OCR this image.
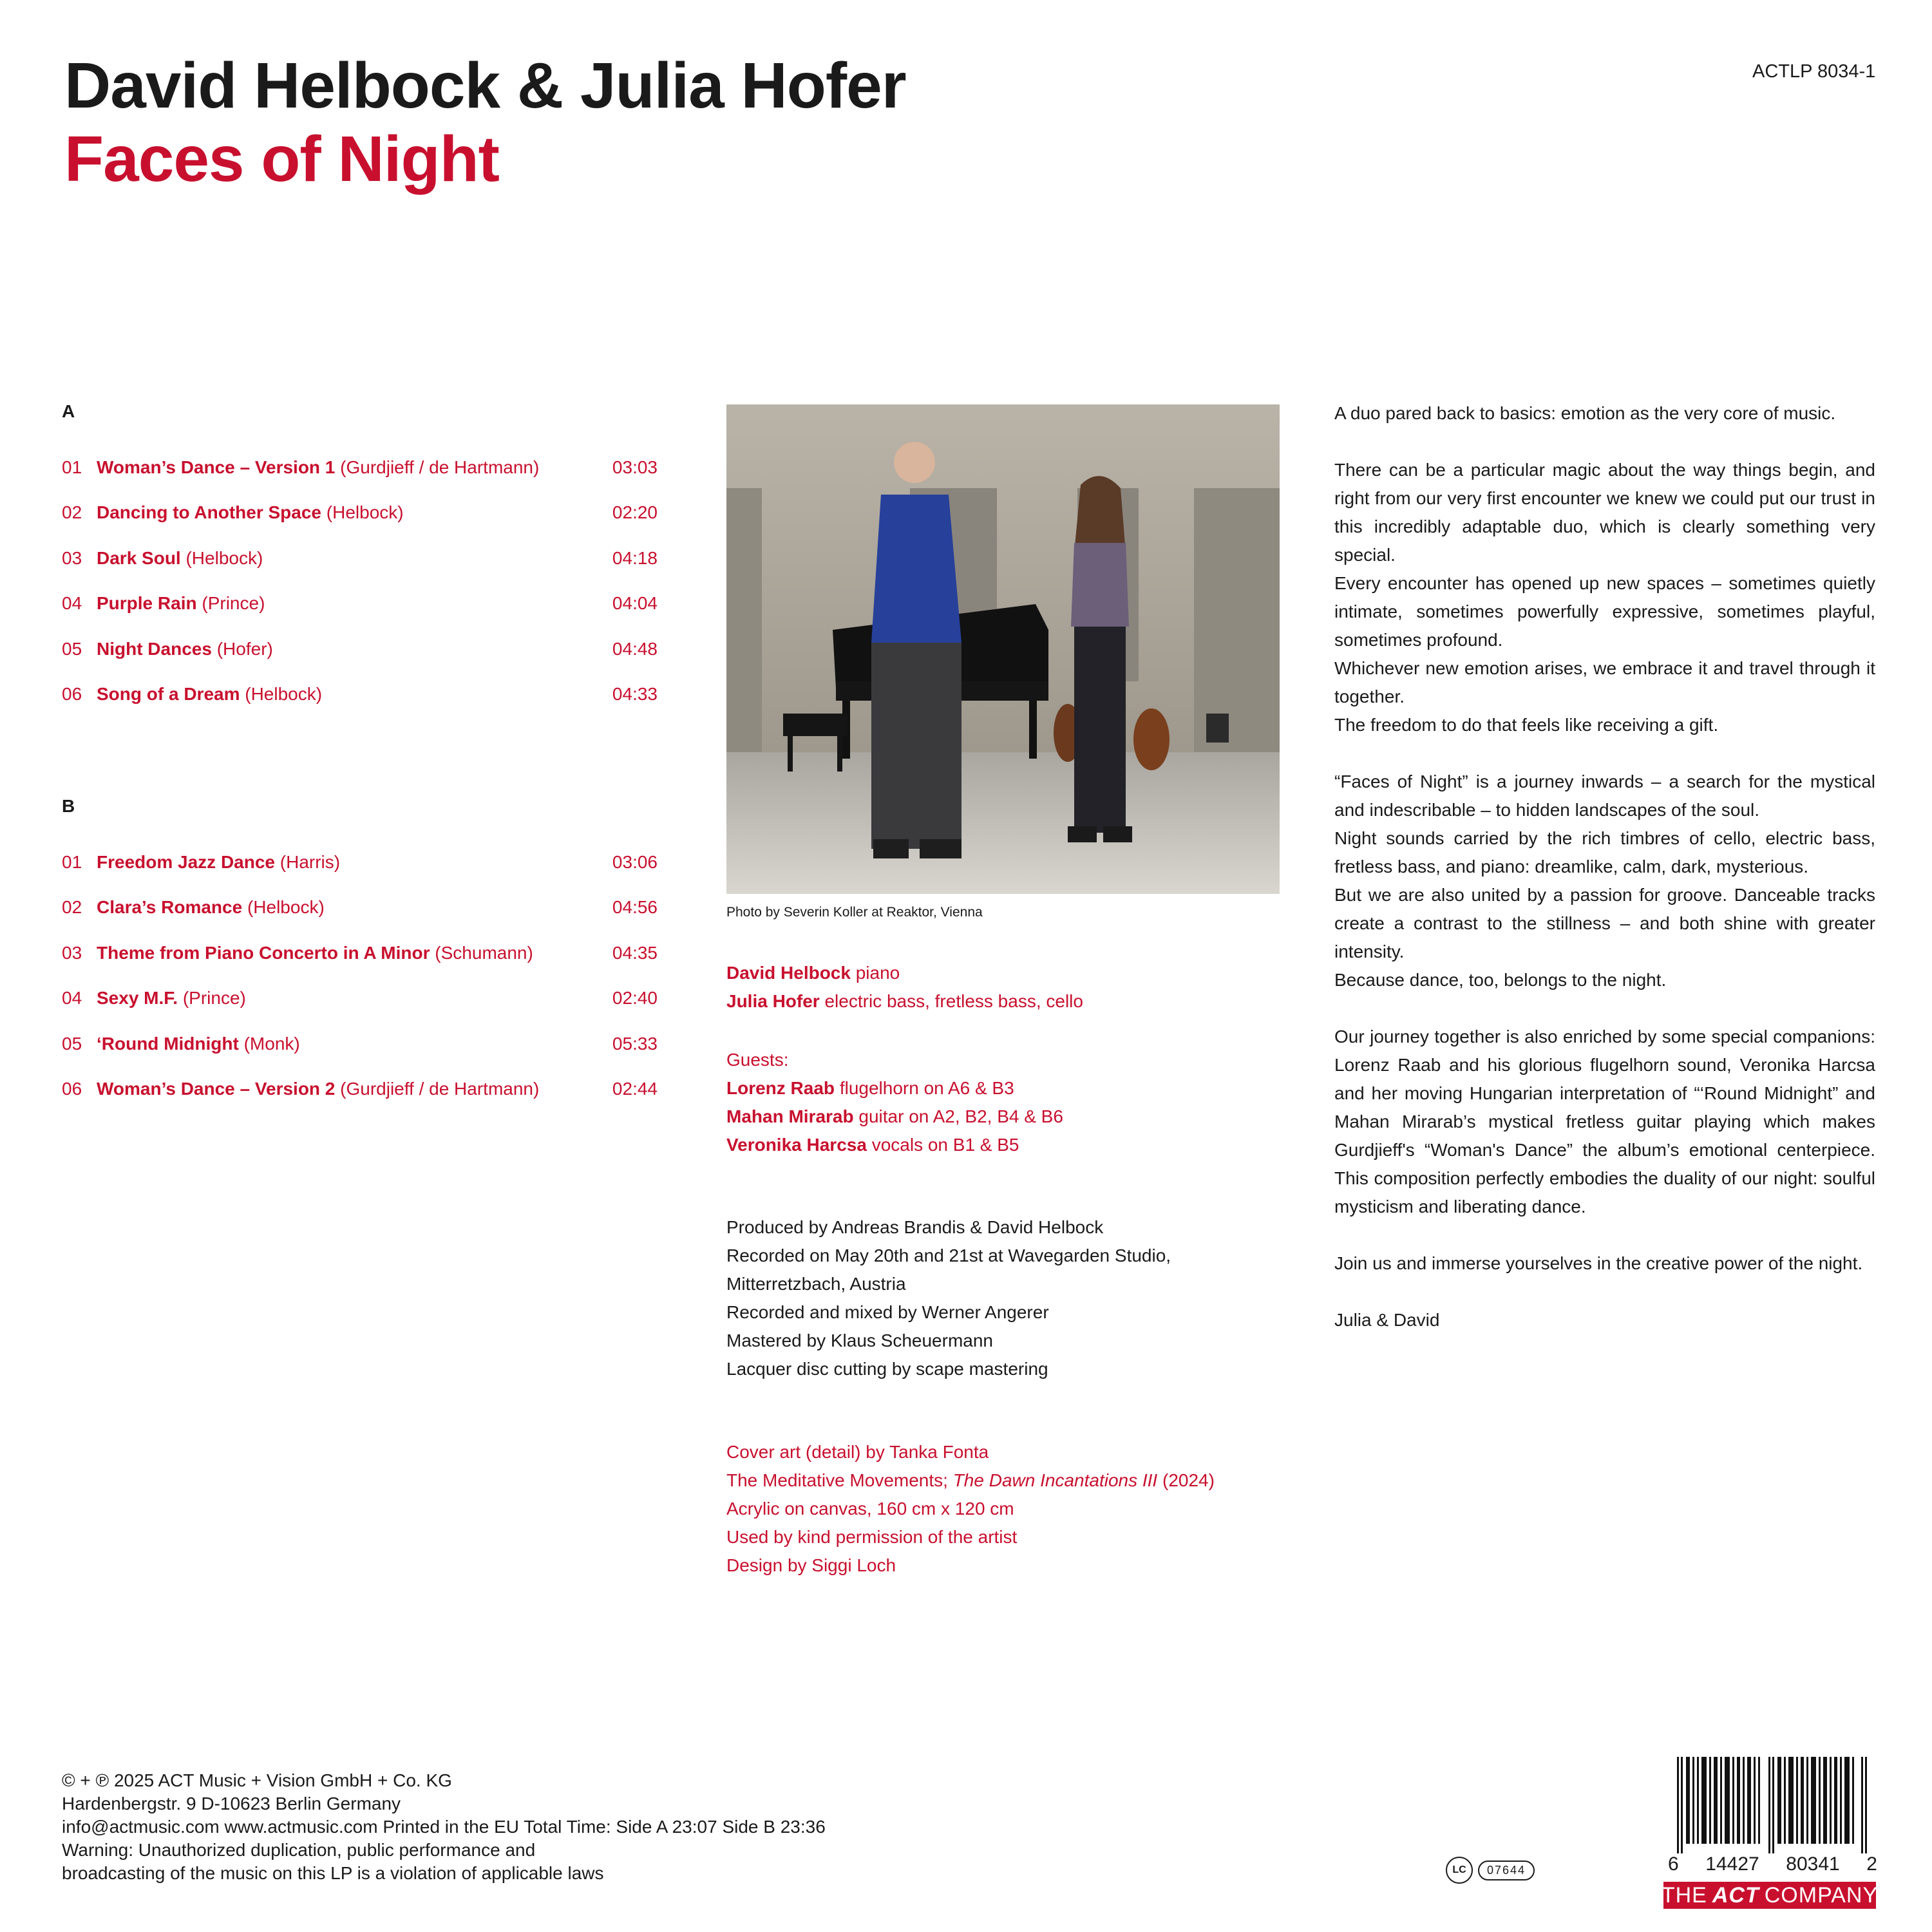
David Helbock & Julia Hofer
Faces of Night
ACTLP 8034-1
A
01 Woman’s Dance – Version 1 (Gurdjieff / de Hartmann)	03:03
02 Dancing to Another Space (Helbock)	02:20
03 Dark Soul (Helbock)	04:18
04 Purple Rain (Prince)	04:04
05 Night Dances (Hofer)	04:48
06 Song of a Dream (Helbock)	04:33
B
01 Freedom Jazz Dance (Harris)	03:06
02 Clara’s Romance (Helbock)	04:56
03 Theme from Piano Concerto in A Minor (Schumann)	04:35
04 Sexy M.F. (Prince)	02:40
05 ‘Round Midnight (Monk)	05:33
06 Woman’s Dance – Version 2 (Gurdjieff / de Hartmann)	02:44
Photo by Severin Koller at Reaktor, Vienna

David Helbock piano

Julia Hofer electric bass, fretless bass, cello

Guests:

Lorenz Raab flugelhorn on A6 & B3

Mahan Mirarab guitar on A2, B2, B4 & B6

Veronika Harcsa vocals on B1 & B5

Produced by Andreas Brandis & David Helbock

Recorded on May 20th and 21st at Wavegarden Studio,

Mitterretzbach, Austria

Recorded and mixed by Werner Angerer

Mastered by Klaus Scheuermann

Lacquer disc cutting by scape mastering

Cover art (detail) by Tanka Fonta

The Meditative Movements; The Dawn Incantations III (2024)

Acrylic on canvas, 160 cm x 120 cm

Used by kind permission of the artist

Design by Siggi Loch

A duo pared back to basics: emotion as the very core of music.

There can be a particular magic about the way things begin, and right from our very first encounter we knew we could put our trust in this incredibly adaptable duo, which is clearly something very special.

Every encounter has opened up new spaces – sometimes quietly intimate, sometimes powerfully expressive, sometimes playful, sometimes profound.

Whichever new emotion arises, we embrace it and travel through it together.

The freedom to do that feels like receiving a gift.

“Faces of Night” is a journey inwards – a search for the mystical and indescribable – to hidden landscapes of the soul.

Night sounds carried by the rich timbres of cello, electric bass, fretless bass, and piano: dreamlike, calm, dark, mysterious.

But we are also united by a passion for groove. Danceable tracks create a contrast to the stillness – and both shine with greater intensity.

Because dance, too, belongs to the night.

Our journey together is also enriched by some special companions: Lorenz Raab and his glorious flugelhorn sound, Veronika Harcsa and her moving Hungarian interpretation of “‘Round Midnight” and Mahan Mirarab’s mystical fretless guitar playing which makes Gurdjieff's “Woman's Dance” the album’s emotional centerpiece. This composition perfectly embodies the duality of our night: soulful mysticism and liberating dance.

Join us and immerse yourselves in the creative power of the night.

Julia & David

© + ℗ 2025 ACT Music + Vision GmbH + Co. KG

Hardenbergstr. 9 D-10623 Berlin Germany

info@actmusic.com www.actmusic.com Printed in the EU Total Time: Side A 23:07 Side B 23:36

Warning: Unauthorized duplication, public performance and

broadcasting of the music on this LP is a violation of applicable laws	LC	07644	6 14427 80341 2
THE ACT COMPANY
